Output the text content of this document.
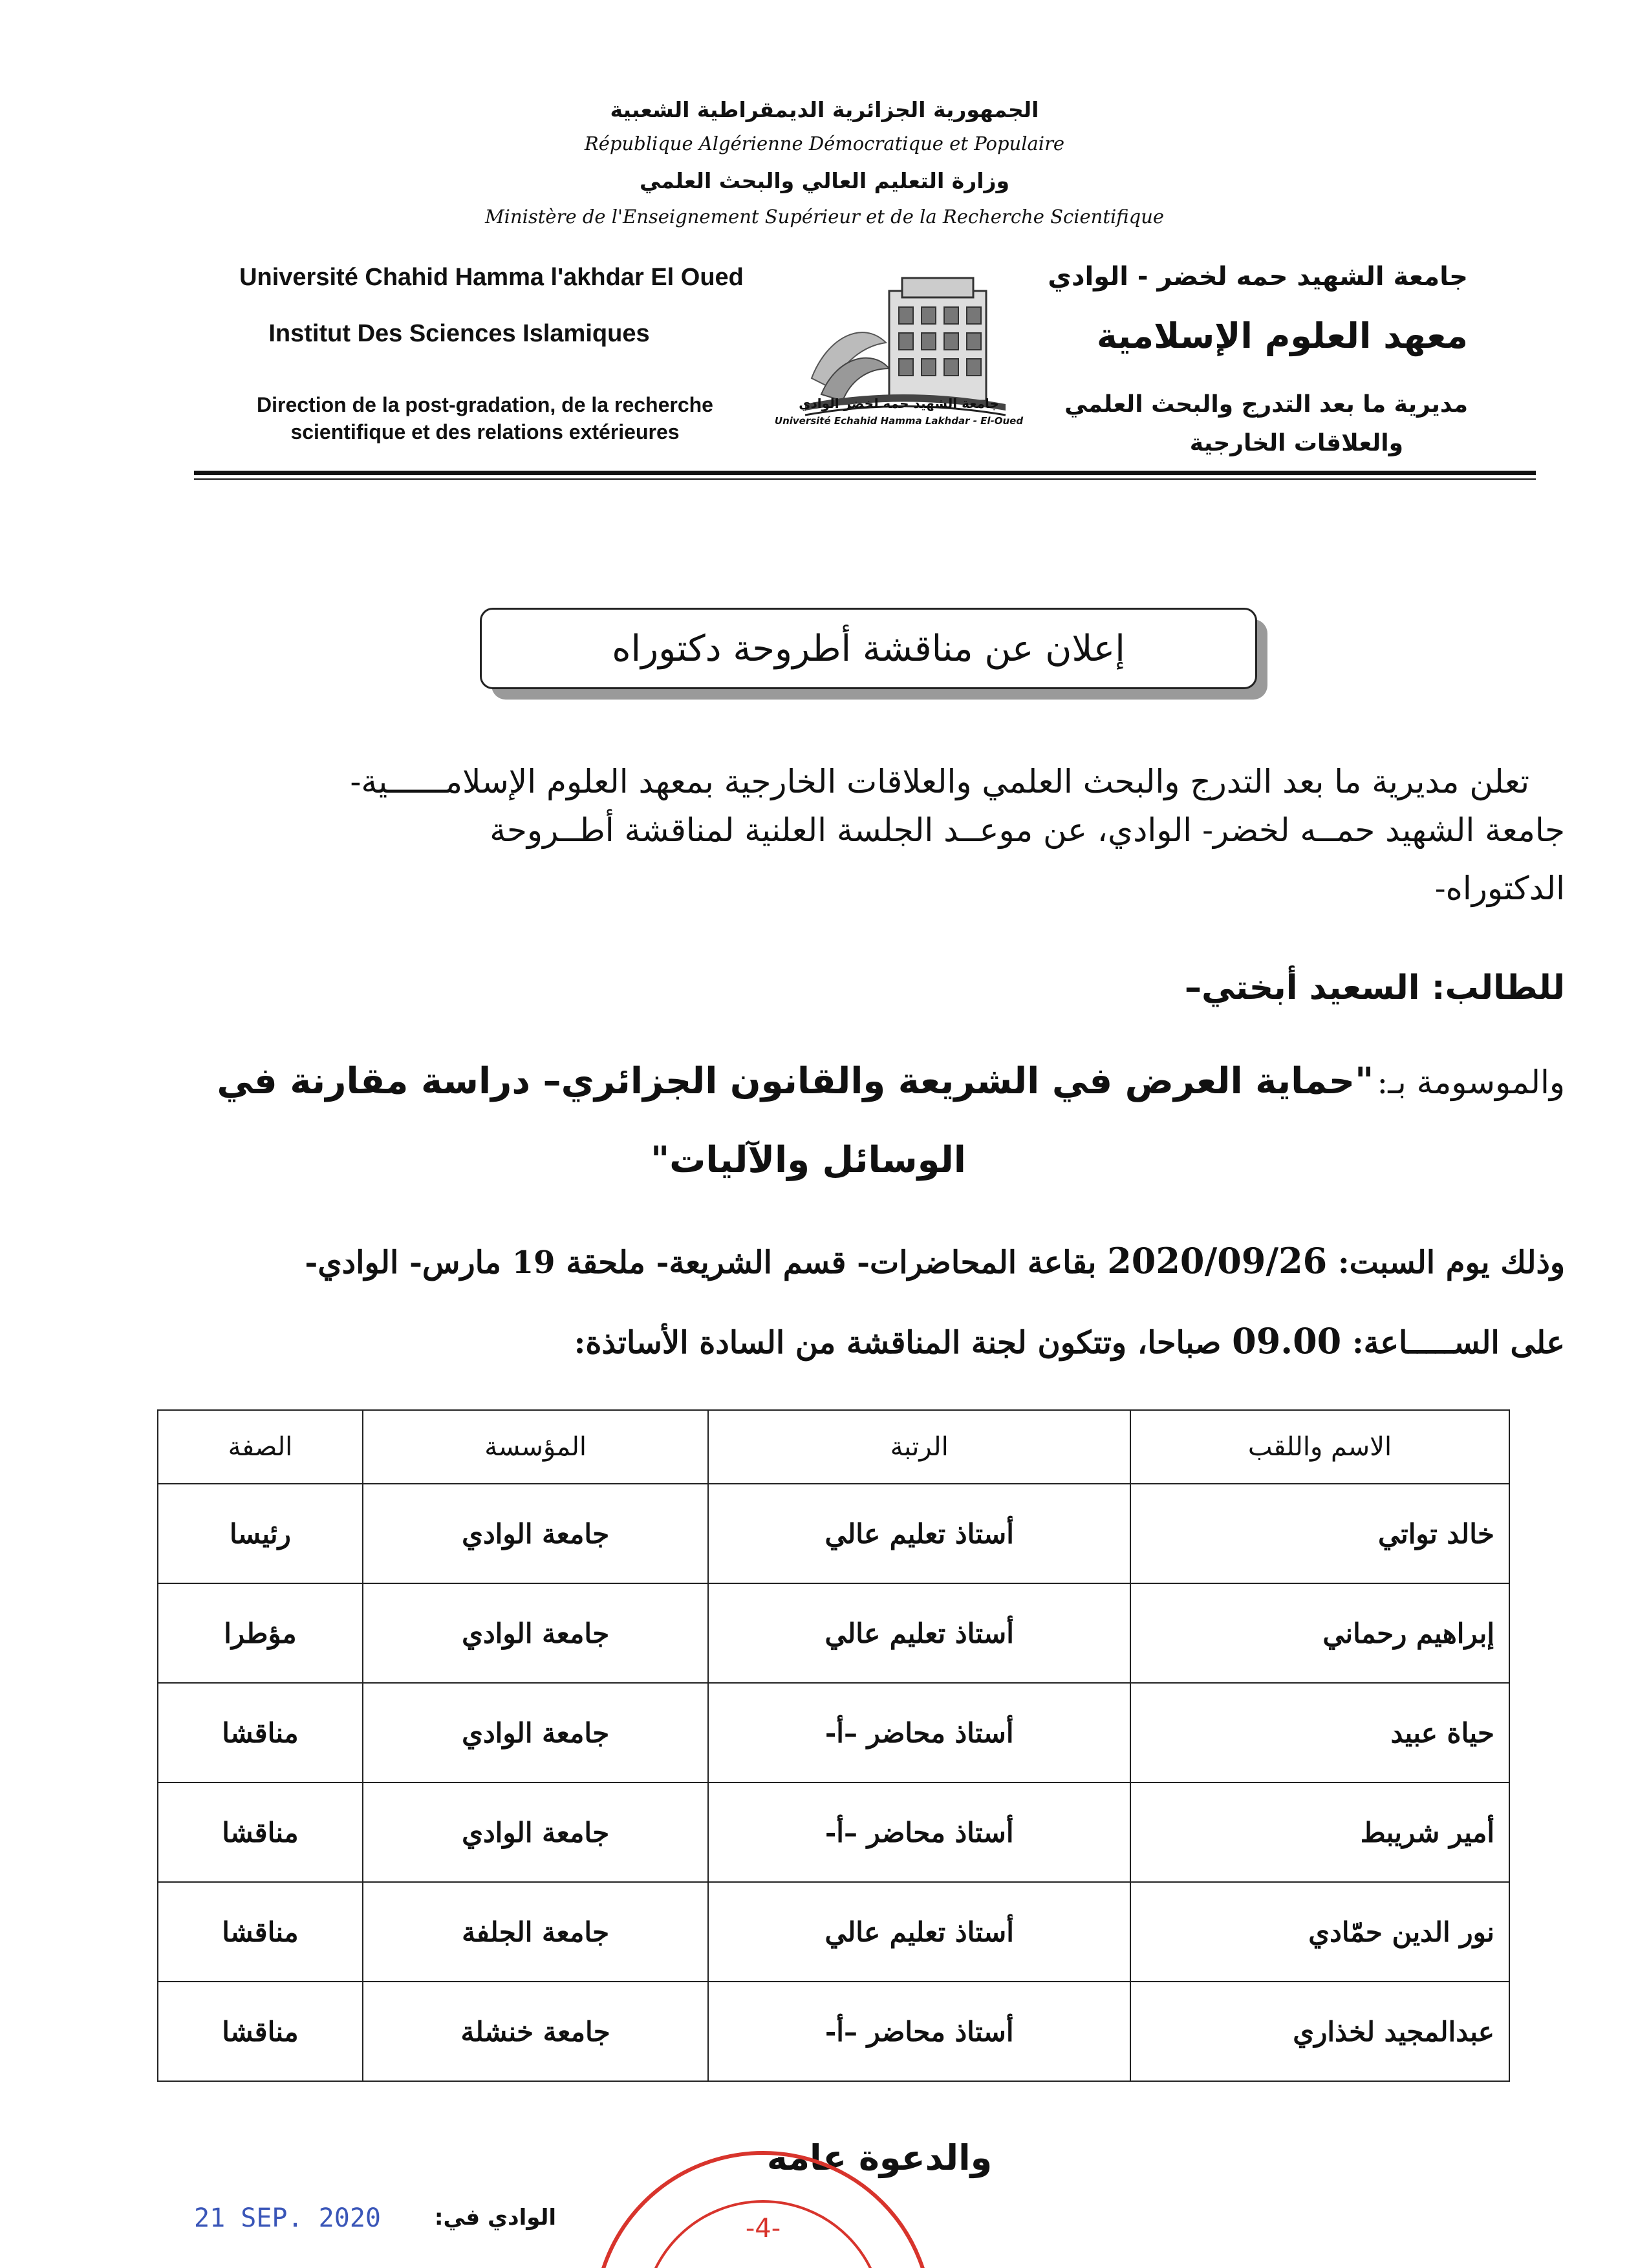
الجمهورية الجزائرية الديمقراطية الشعبية
République Algérienne Démocratique et Populaire
وزارة التعليم العالي والبحث العلمي
Ministère de l'Enseignement Supérieur et de la Recherche Scientifique
Université Chahid Hamma l'akhdar El Oued
Institut Des Sciences Islamiques
Direction de la post-gradation, de la recherche
scientifique et des relations extérieures
جامعة الشهيد حمه لخضر الوادي
Université Echahid Hamma Lakhdar - El-Oued
جامعة الشهيد حمه لخضر - الوادي
معهد العلوم الإسلامية
مديرية ما بعد التدرج والبحث العلمي
والعلاقات الخارجية
إعلان عن مناقشة أطروحة دكتوراه
تعلن مديرية ما بعد التدرج والبحث العلمي والعلاقات الخارجية بمعهد العلوم الإسلامــــــية-
جامعة الشهيد حمــه لخضر- الوادي، عن موعــد الجلسة العلنية لمناقشة أطــروحة
الدكتوراه-
للطالب: السعيد أبختي–
والموسومة بـ: "حماية العرض في الشريعة والقانون الجزائري– دراسة مقارنة في
الوسائل والآليات"
وذلك يوم السبت: 2020/09/26 بقاعة المحاضرات- قسم الشريعة- ملحقة 19 مارس- الوادي-
على الســـــاعة: 09.00 صباحا، وتتكون لجنة المناقشة من السادة الأساتذة:
الاسم واللقب	الرتبة	المؤسسة	الصفة
خالد تواتي	أستاذ تعليم عالي	جامعة الوادي	رئيسا
إبراهيم رحماني	أستاذ تعليم عالي	جامعة الوادي	مؤطرا
حياة عبيد	أستاذ محاضر –أ-	جامعة الوادي	مناقشا
أمير شريبط	أستاذ محاضر –أ-	جامعة الوادي	مناقشا
نور الدين حمّادي	أستاذ تعليم عالي	جامعة الجلفة	مناقشا
عبدالمجيد لخذاري	أستاذ محاضر –أ-	جامعة خنشلة	مناقشا
والدعوة عامة
21 SEP. 2020	الوادي في:	-4-
